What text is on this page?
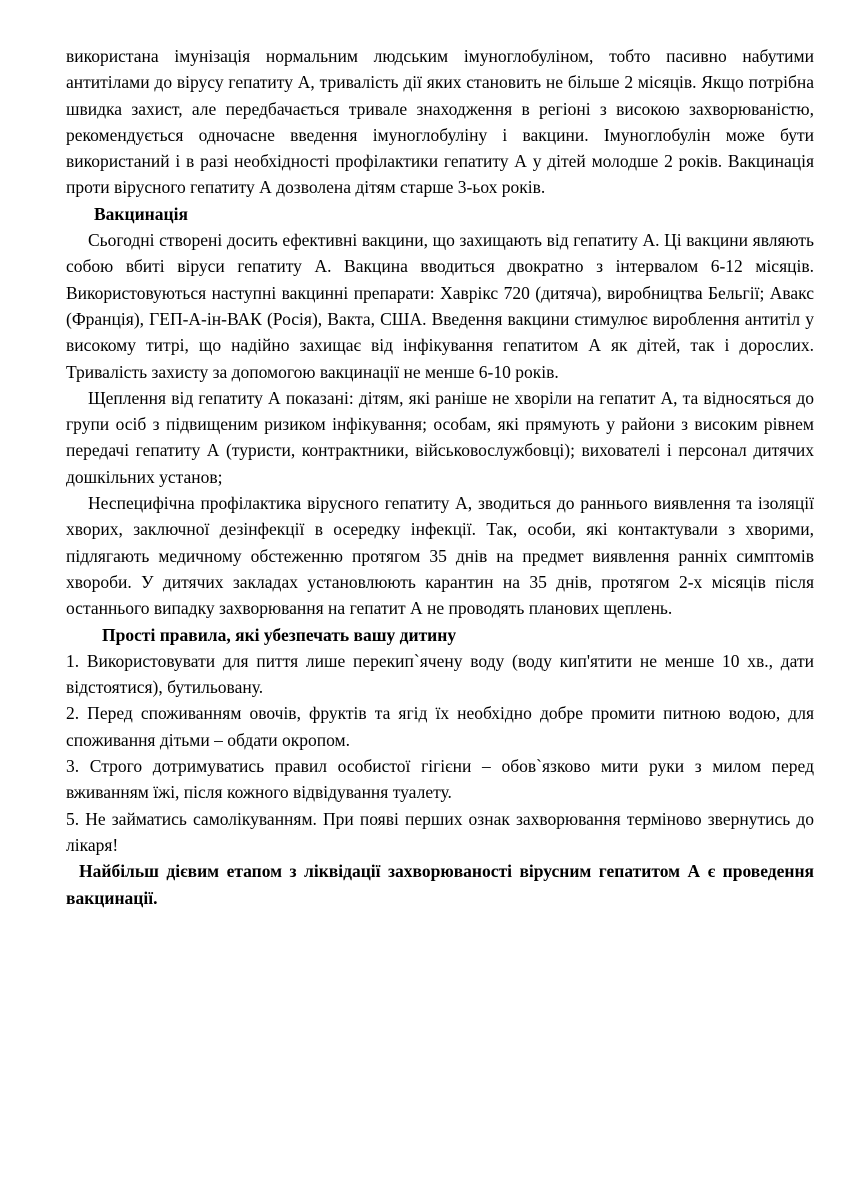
використана імунізація нормальним людським імуноглобуліном, тобто пасивно набутими антитілами до вірусу гепатиту А, тривалість дії яких становить не більше 2 місяців. Якщо потрібна швидка захист, але передбачається тривале знаходження в регіоні з високою захворюваністю, рекомендується одночасне введення імуноглобуліну і вакцини. Імуноглобулін може бути використаний і в разі необхідності профілактики гепатиту А у дітей молодше 2 років. Вакцинація проти вірусного гепатиту А дозволена дітям старше 3-ьох років.

Вакцинація

Сьогодні створені досить ефективні вакцини, що захищають від гепатиту А. Ці вакцини являють собою вбиті віруси гепатиту А. Вакцина вводиться двократно з інтервалом 6-12 місяців. Використовуються наступні вакцинні препарати: Хаврікс 720 (дитяча), виробництва Бельгії; Авакс (Франція), ГЕП-А-ін-ВАК (Росія), Вакта, США. Введення вакцини стимулює вироблення антитіл у високому титрі, що надійно захищає від інфікування гепатитом А як дітей, так і дорослих. Тривалість захисту за допомогою вакцинації не менше 6-10 років.

Щеплення від гепатиту А показані: дітям, які раніше не хворіли на гепатит А, та відносяться до групи осіб з підвищеним ризиком інфікування; особам, які прямують у райони з високим рівнем передачі гепатиту А (туристи, контрактники, військовослужбовці); вихователі і персонал дитячих дошкільних установ;

Неспецифічна профілактика вірусного гепатиту А, зводиться до раннього виявлення та ізоляції хворих, заключної дезінфекції в осередку інфекції. Так, особи, які контактували з хворими, підлягають медичному обстеженню протягом 35 днів на предмет виявлення ранніх симптомів хвороби. У дитячих закладах установлюють карантин на 35 днів, протягом 2-х місяців після останнього випадку захворювання на гепатит А не проводять планових щеплень.

Прості правила, які убезпечать вашу дитину

1. Використовувати для пиття лише перекип`ячену воду (воду кип'ятити не менше 10 хв., дати відстоятися), бутильовану.

2. Перед споживанням овочів, фруктів та ягід їх необхідно добре промити питною водою, для споживання дітьми – обдати окропом.

3. Строго дотримуватись правил особистої гігієни – обов`язково мити руки з милом перед вживанням їжі, після кожного відвідування туалету.

5. Не займатись самолікуванням. При появі перших ознак захворювання терміново звернутись до лікаря!

Найбільш дієвим етапом з ліквідації захворюваності вірусним гепатитом А є проведення вакцинації.
